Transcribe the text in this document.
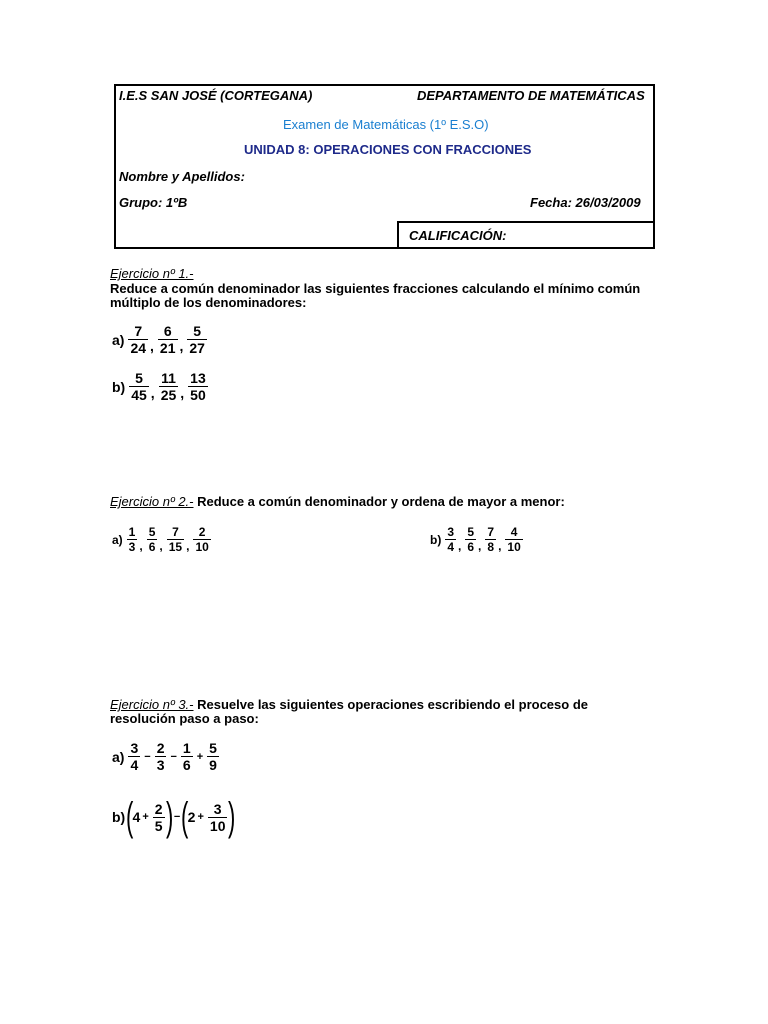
I.E.S SAN JOSÉ (CORTEGANA)	DEPARTAMENTO DE MATEMÁTICAS
Examen de Matemáticas (1º E.S.O)
UNIDAD 8: OPERACIONES CON FRACCIONES
Nombre y Apellidos:
Grupo: 1ºB	Fecha: 26/03/2009
CALIFICACIÓN:
Ejercicio nº 1.-
Reduce a común denominador las siguientes fracciones calculando el mínimo común
múltiplo de los denominadores:
$a) \frac{7}{24}$ , $\frac{6}{21}$ , $\frac{5}{27}$
$b) \frac{5}{45}$ , $\frac{11}{25}$ , $\frac{13}{50}$
Ejercicio nº 2.- Reduce a común denominador y ordena de mayor a menor:
$a) \frac{1}{3}$ , $\frac{5}{6}$ , $\frac{7}{15}$ , $\frac{2}{10}$	$b) \frac{3}{4}$ , $\frac{5}{6}$ , $\frac{7}{8}$ , $\frac{4}{10}$
Ejercicio nº 3.- Resuelve las siguientes operaciones escribiendo el proceso de
resolución paso a paso:
$a) \frac{3}{4} - \frac{2}{3} - \frac{1}{6} + \frac{5}{9}$
b) (
$4 + \frac{2}{5}$ ) − (
$2 + \frac{3}{10}$ )
